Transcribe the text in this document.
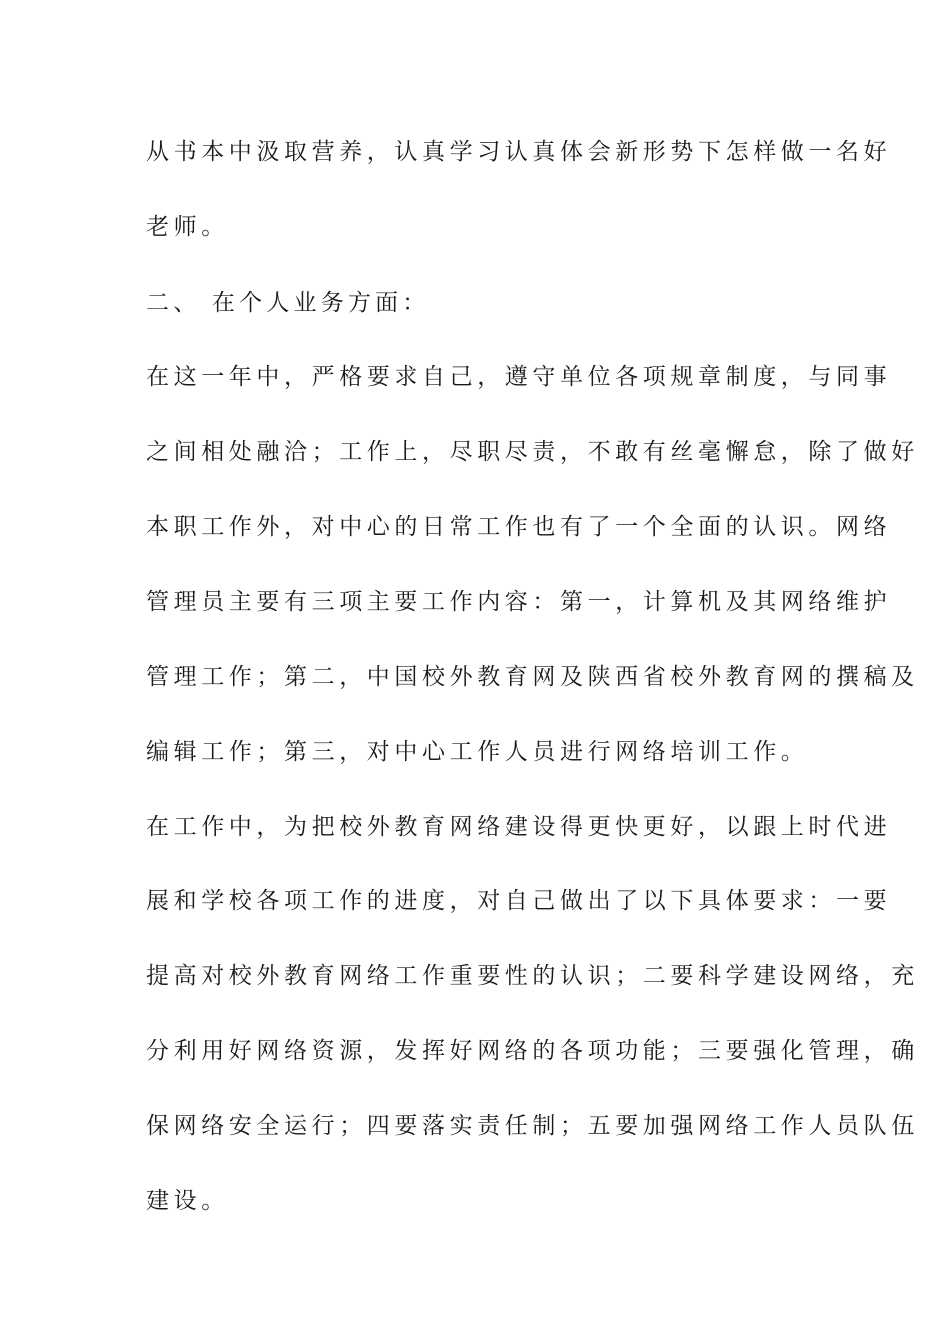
从书本中汲取营养，认真学习认真体会新形势下怎样做一名好
老师。
二、 在个人业务方面：
在这一年中，严格要求自己，遵守单位各项规章制度，与同事
之间相处融洽；工作上，尽职尽责，不敢有丝毫懈怠，除了做好
本职工作外，对中心的日常工作也有了一个全面的认识。网络
管理员主要有三项主要工作内容：第一，计算机及其网络维护
管理工作；第二，中国校外教育网及陕西省校外教育网的撰稿及
编辑工作；第三，对中心工作人员进行网络培训工作。
在工作中，为把校外教育网络建设得更快更好，以跟上时代进
展和学校各项工作的进度，对自己做出了以下具体要求：一要
提高对校外教育网络工作重要性的认识；二要科学建设网络，充
分利用好网络资源，发挥好网络的各项功能；三要强化管理，确
保网络安全运行；四要落实责任制；五要加强网络工作人员队伍
建设。
